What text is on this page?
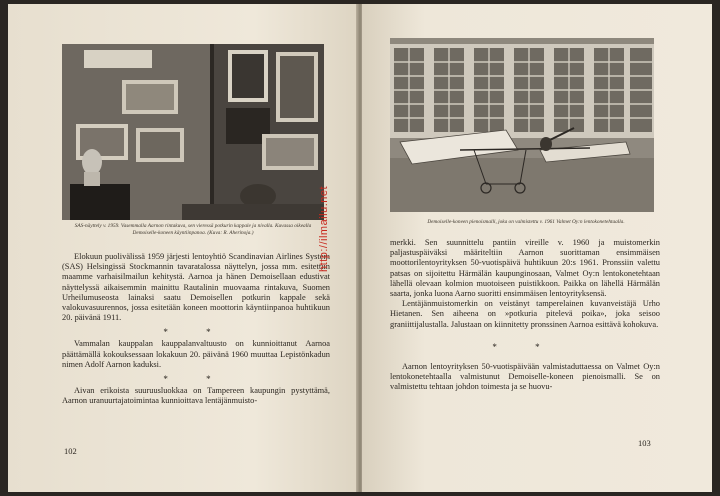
SAS-näyttely v. 1959. Vasemmalla Aarnon rintakuva, sen vieressä potkurin kappale ja nivalla. Kuvassa oikealla Demoiselle-koneen käyntiinpanoa. (Kuva: R. Aherinoja.)

Elokuun puolivälissä 1959 järjesti lentoyhtiö Scandinavian Airlines System (SAS) Helsingissä Stockmannin tavaratalossa näyttelyn, jossa mm. esitettiin maamme varhaisilmailun kehitystä. Aarnoa ja hänen Demoisellaan edustivat näyttelyssä aikaisemmin mainittu Rautalinin muovaama rintakuva, Suomen Urheilumuseosta lainaksi saatu Demoisellen potkurin kappale sekä valokuvasuurennos, jossa esitetään koneen moottorin käyntiinpanoa huhtikuun 20. päivänä 1911.

* *

Vammalan kauppalan kauppalanvaltuusto on kunnioittanut Aarnoa päättämällä kokouksessaan lokakuun 20. päivänä 1960 muuttaa Lepistönkadun nimen Adolf Aarnon kaduksi.

* *

Aivan erikoista suuruusluokkaa on Tampereen kaupungin pystyttämä, Aarnon uranuurtajatoimintaa kunnioittava lentäjänmuisto-

102
http://ilmailu.net	Demoiselle-koneen pienoismalli, joka on valmistettu v. 1961 Valmet Oy:n lentokonetehtaalla.

merkki. Sen suunnittelu pantiin vireille v. 1960 ja muistomerkin paljastuspäiväksi määriteltiin Aarnon suorittaman ensimmäisen moottorilentoyrityksen 50-vuotispäivä huhtikuun 20:s 1961. Pronssiin valettu patsas on sijoitettu Härmälän kaupunginosaan, Valmet Oy:n lentokonetehtaan lähellä olevaan kolmion muotoiseen puistikkoon. Paikka on lähellä Härmälän saarta, jonka luona Aarno suoritti ensimmäisen lentoyrityksensä.

Lentäjänmuistomerkin on veistänyt tamperelainen kuvanveistäjä Urho Hietanen. Sen aiheena on »potkuria pitelevä poika», joka seisoo graniittijalustalla. Jalustaan on kiinnitetty pronssinen Aarnoa esittävä kohokuva.

* *

Aarnon lentoyrityksen 50-vuotispäivään valmistaduttaessa on Valmet Oy:n lentokonetehtaalla valmistunut Demoiselle-koneen pienoismalli. Se on valmistettu tehtaan johdon toimesta ja se huovu-

103
